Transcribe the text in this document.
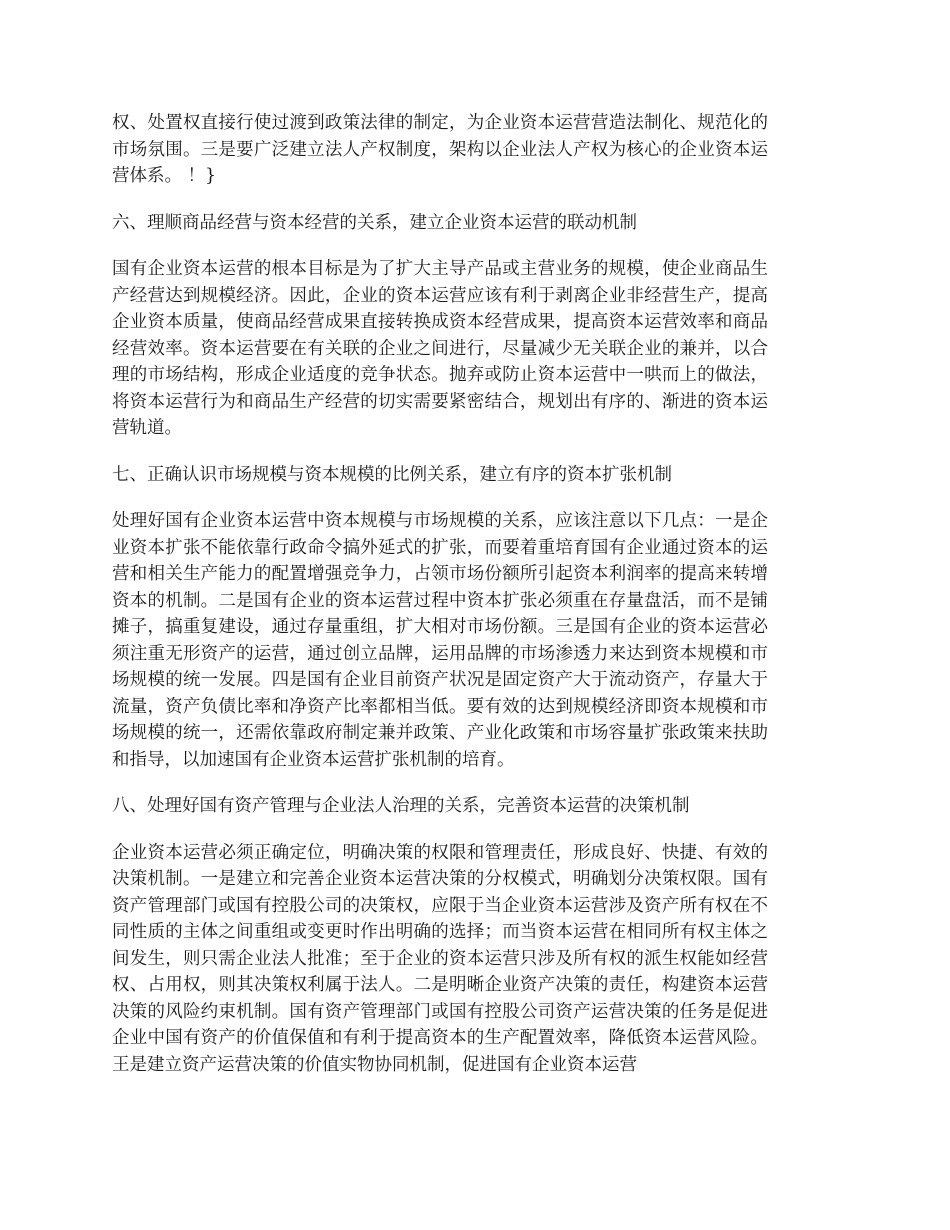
权、处置权直接行使过渡到政策法律的制定，为企业资本运营营造法制化、规范化的市场氛围。三是要广泛建立法人产权制度，架构以企业法人产权为核心的企业资本运营体系。 ！}

六、理顺商品经营与资本经营的关系，建立企业资本运营的联动机制

国有企业资本运营的根本目标是为了扩大主导产品或主营业务的规模，使企业商品生产经营达到规模经济。因此，企业的资本运营应该有利于剥离企业非经营生产，提高企业资本质量，使商品经营成果直接转换成资本经营成果，提高资本运营效率和商品经营效率。资本运营要在有关联的企业之间进行，尽量减少无关联企业的兼并，以合理的市场结构，形成企业适度的竞争状态。抛弃或防止资本运营中一哄而上的做法，将资本运营行为和商品生产经营的切实需要紧密结合，规划出有序的、渐进的资本运营轨道。

七、正确认识市场规模与资本规模的比例关系，建立有序的资本扩张机制

处理好国有企业资本运营中资本规模与市场规模的关系，应该注意以下几点：一是企业资本扩张不能依靠行政命令搞外延式的扩张，而要着重培育国有企业通过资本的运营和相关生产能力的配置增强竞争力，占领市场份额所引起资本利润率的提高来转增资本的机制。二是国有企业的资本运营过程中资本扩张必须重在存量盘活，而不是铺摊子，搞重复建设，通过存量重组，扩大相对市场份额。三是国有企业的资本运营必须注重无形资产的运营，通过创立品牌，运用品牌的市场渗透力来达到资本规模和市场规模的统一发展。四是国有企业目前资产状况是固定资产大于流动资产，存量大于流量，资产负债比率和净资产比率都相当低。要有效的达到规模经济即资本规模和市场规模的统一，还需依靠政府制定兼并政策、产业化政策和市场容量扩张政策来扶助和指导，以加速国有企业资本运营扩张机制的培育。

八、处理好国有资产管理与企业法人治理的关系，完善资本运营的决策机制

企业资本运营必须正确定位，明确决策的权限和管理责任，形成良好、快捷、有效的决策机制。一是建立和完善企业资本运营决策的分权模式，明确划分决策权限。国有资产管理部门或国有控股公司的决策权，应限于当企业资本运营涉及资产所有权在不同性质的主体之间重组或变更时作出明确的选择；而当资本运营在相同所有权主体之间发生，则只需企业法人批准；至于企业的资本运营只涉及所有权的派生权能如经营权、占用权，则其决策权利属于法人。二是明晰企业资产决策的责任，构建资本运营决策的风险约束机制。国有资产管理部门或国有控股公司资产运营决策的任务是促进企业中国有资产的价值保值和有利于提高资本的生产配置效率，降低资本运营风险。王是建立资产运营决策的价值实物协同机制，促进国有企业资本运营
